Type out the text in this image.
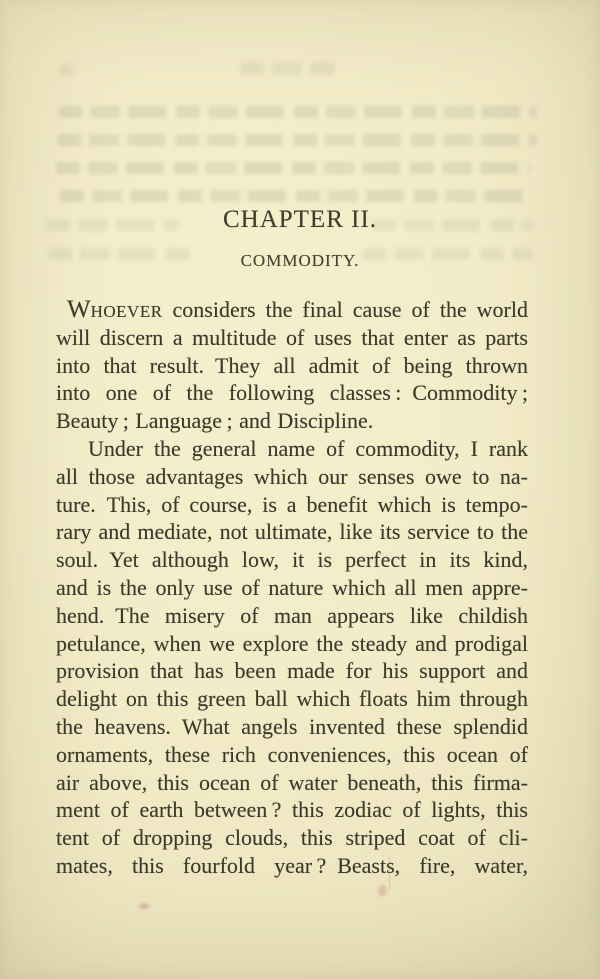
CHAPTER II.
COMMODITY.
WHOEVER considers the final cause of the world
will discern a multitude of uses that enter as parts
into that result. They all admit of being thrown
into one of the following classes : Commodity ;
Beauty ; Language ; and Discipline.
Under the general name of commodity, I rank
all those advantages which our senses owe to na-
ture. This, of course, is a benefit which is tempo-
rary and mediate, not ultimate, like its service to the
soul. Yet although low, it is perfect in its kind,
and is the only use of nature which all men appre-
hend. The misery of man appears like childish
petulance, when we explore the steady and prodigal
provision that has been made for his support and
delight on this green ball which floats him through
the heavens. What angels invented these splendid
ornaments, these rich conveniences, this ocean of
air above, this ocean of water beneath, this firma-
ment of earth between ? this zodiac of lights, this
tent of dropping clouds, this striped coat of cli-
mates, this fourfold year ? Beasts, fire, water,
